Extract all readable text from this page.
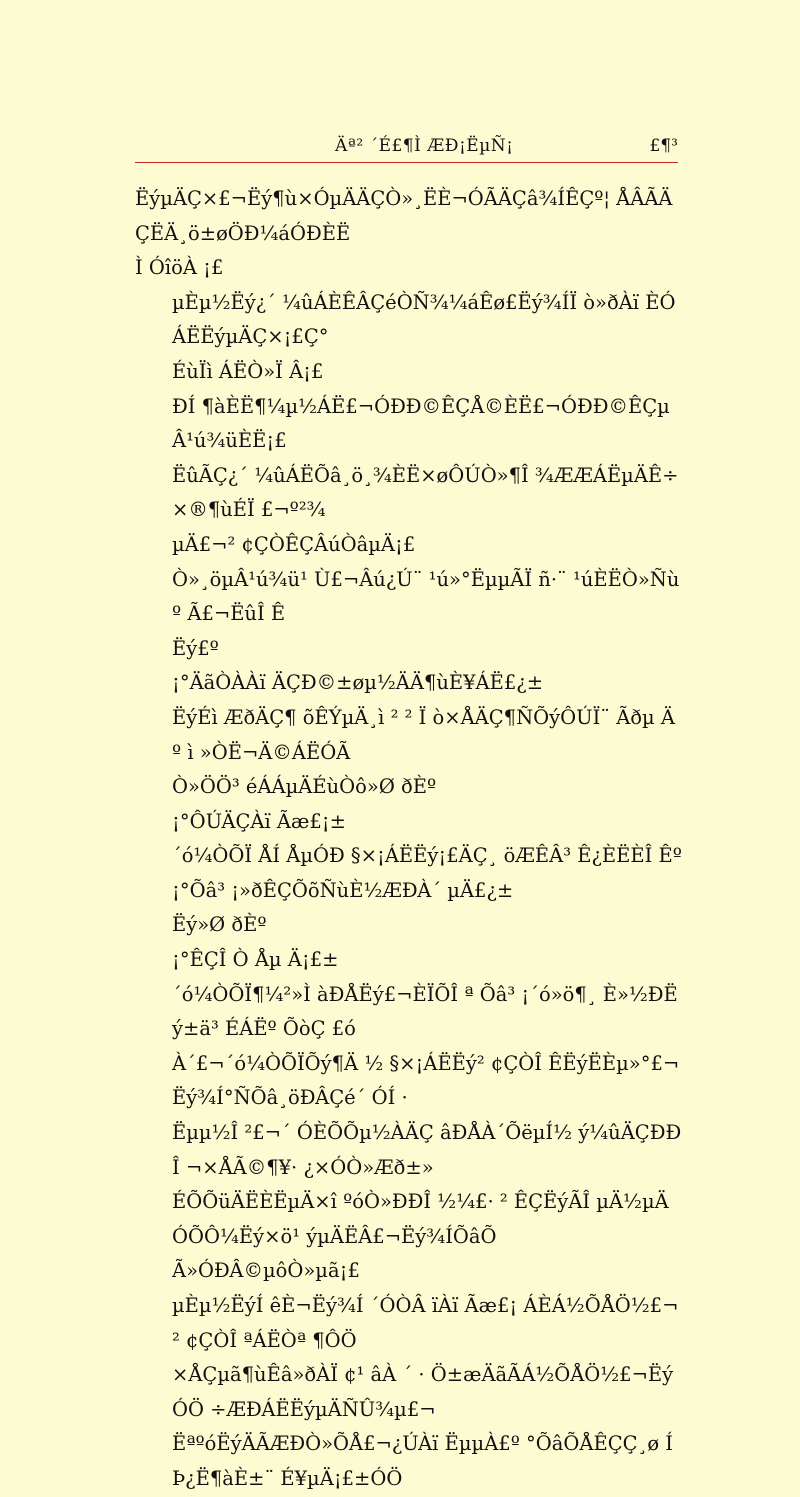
Äª² ´É£¶Ì ÆÐ¡ËµÑ¡	£¶³

ËýµÄÇ×£¬Ëý¶ù×ÓµÄÄÇÒ»¸ËÈ¬ÓÃÄÇâ¾ÍÊÇº¦ ÅÂÃÄÇËÄ¸ö±øÖÐ¼áÓÐÈË
Ì ÓîöÀ ¡£

µÈµ½Ëý¿´ ¼ûÁÈÊÂÇéÒÑ¾¼áÊø£Ëý¾ÍÏ ò»ðÀï ÈÓÁËËýµÄÇ×¡£Ç°
ÉùÏì ÁËÒ»Ï Â¡£

ÐÍ ¶àÈË¶¼µ½ÁË£¬ÓÐÐ©ÊÇÅ©ÈË£¬ÓÐÐ©ÊÇµÂ¹ú¾üÈË¡£

ËûÃÇ¿´ ¼ûÁËÕâ¸ö¸¾ÈË×øÔÚÒ»¶Î ¾ÆÆÁËµÄÊ÷×®¶ùÉÏ £¬º²¾
µÄ£¬² ¢ÇÒÊÇÂúÒâµÄ¡£

Ò»¸öµÂ¹ú¾ü¹ Ù£¬Âú¿Ú¨ ¹ú»°ËµµÃÏ ñ·¨ ¹úÈËÒ»Ñùº Ã£¬ËûÎ Ê
Ëý£º

¡°ÄãÒÀÀï ÄÇÐ©±øµ½ÄÄ¶ùÈ¥ÁË£¿±

ËýÉì ÆðÄÇ¶ õÊÝµÄ¸ì ² ² Ï ò×ÅÄÇ¶ÑÕýÔÚÏ¨ Ãðµ Äº ì »ÒË¬Ä©ÁËÓÃ
Ò»ÖÖ³ éÁÁµÄÉùÒô»Ø ðÈº

¡°ÔÚÄÇÀï Ãæ£¡±

´ó¼ÒÕÏ ÅÍ ÅµÓÐ §×¡ÁËËý¡£ÄÇ¸ öÆÊÂ³ Ê¿ÈËÈÎ Êº

¡°Õâ³ ¡»ðÊÇÕõÑùÈ½ÆÐÀ´ µÄ£¿±

Ëý»Ø ðÈº

¡°ÊÇÎ Ò Åµ Ä¡£±

´ó¼ÒÕÏ¶¼²»Ì àÐÅËý£¬ÈÏÕÎ ª Õâ³ ¡´ó»ö¶¸ È»½ÐËý±ä³ ÉÁËº ÕòÇ £ó
À´£¬´ó¼ÒÕÏÕý¶Ä ½ §×¡ÁËËý² ¢ÇÒÎ ÊËýËÈµ»°£¬Ëý¾Í°ÑÕâ¸öÐÂÇé´ ÓÍ ·
Ëµµ½Î ²£¬´ ÓÈÕÕµ½ÀÄÇ âÐÅÀ´ÕëµÍ½ ý¼ûÄÇÐÐÎ ¬×ÅÃ©¶¥· ¿×ÓÒ»Æð±»
ÉÕÕüÄËÈËµÄ×î ºóÒ»ÐÐÎ ½¼£· ² ÊÇËýÃÎ µÄ½µÄÓÕÔ¼Ëý×ö¹ ýµÄËÂ£¬Ëý¾ÍÕâÕ
Ã»ÓÐÂ©µôÒ»µã¡£

µÈµ½ËýÍ êÈ¬Ëý¾Í ´ÓÒÂ ïÀï Ãæ£¡ ÁÈÁ½ÕÅÖ½£¬² ¢ÇÒÎ ªÁËÒª ¶ÔÖ
×ÅÇµã¶ùÊâ»ðÀÏ ¢¹ âÀ ´ · Ö±æÄãÃÁ½ÕÅÖ½£¬ËýÓÖ ÷ÆÐÁËËýµÄÑÛ¾µ£¬
ËªºóËýÄÃÆÐÒ»ÕÅ£¬¿ÚÀï ËµµÀ£º °ÕâÕÅÊÇÇ¸ø Í Þ¿Ë¶àÈ±¨ É¥µÄ¡£±ÓÖ
